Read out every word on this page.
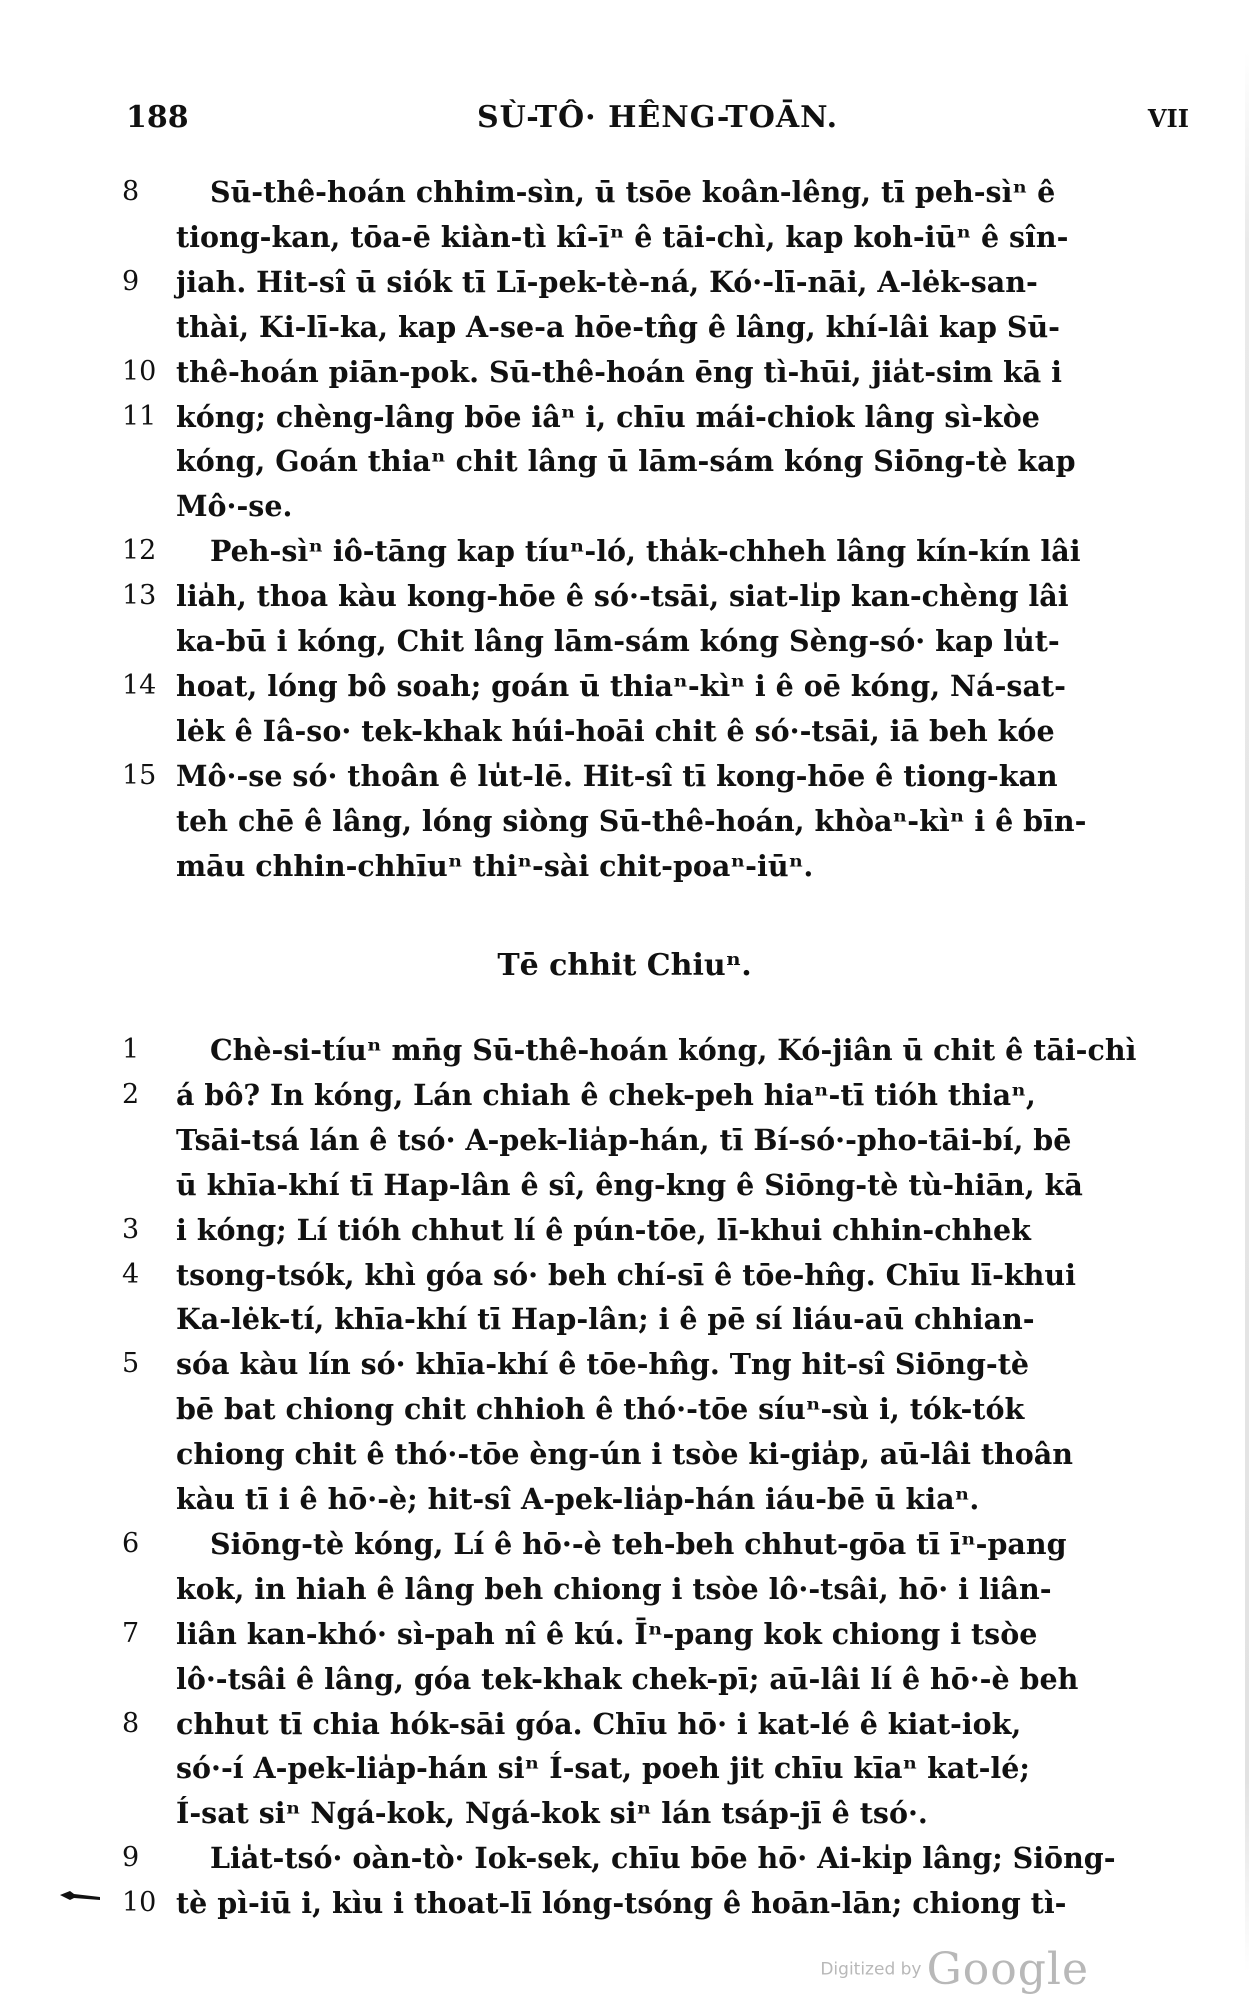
188	SÙ-TÔ· HÊNG-TOĀN.	VII
Sū-thê-hoán chhim-sìn, ū tsōe koân-lêng, tī peh-sìⁿ ê
tiong-kan, tōa-ē kiàn-tì kî-īⁿ ê tāi-chì, kap koh-iūⁿ ê sîn-
jiah. Hit-sî ū siók tī Lī-pek-tè-ná, Kó·-lī-nāi, A-lėk-san-
thài, Ki-lī-ka, kap A-se-a hōe-tn̂g ê lâng, khí-lâi kap Sū-
thê-hoán piān-pok. Sū-thê-hoán ēng tì-hūi, jia̍t-sim kā i
kóng; chèng-lâng bōe iâⁿ i, chīu mái-chiok lâng sì-kòe
kóng, Goán thiaⁿ chit lâng ū lām-sám kóng Siōng-tè kap
Mô·-se.
Peh-sìⁿ iô-tāng kap tíuⁿ-ló, tha̍k-chheh lâng kín-kín lâi
lia̍h, thoa kàu kong-hōe ê só·-tsāi, siat-li̍p kan-chèng lâi
ka-bū i kóng, Chit lâng lām-sám kóng Sèng-só· kap lu̍t-
hoat, lóng bô soah; goán ū thiaⁿ-kìⁿ i ê oē kóng, Ná-sat-
lėk ê Iâ-so· tek-khak húi-hoāi chit ê só·-tsāi, iā beh kóe
Mô·-se só· thoân ê lu̍t-lē. Hit-sî tī kong-hōe ê tiong-kan
teh chē ê lâng, lóng siòng Sū-thê-hoán, khòaⁿ-kìⁿ i ê bīn-
māu chhin-chhīuⁿ thiⁿ-sài chit-poaⁿ-iūⁿ.
8
9
10
11
12
13
14
15
Tē chhit Chiuⁿ.
Chè-si-tíuⁿ mn̄g Sū-thê-hoán kóng, Kó-jiân ū chit ê tāi-chì
á bô? In kóng, Lán chiah ê chek-peh hiaⁿ-tī tióh thiaⁿ,
Tsāi-tsá lán ê tsó· A-pek-lia̍p-hán, tī Bí-só·-pho-tāi-bí, bē
ū khīa-khí tī Hap-lân ê sî, êng-kng ê Siōng-tè tù-hiān, kā
i kóng; Lí tióh chhut lí ê pún-tōe, lī-khui chhin-chhek
tsong-tsók, khì góa só· beh chí-sī ê tōe-hn̂g. Chīu lī-khui
Ka-lėk-tí, khīa-khí tī Hap-lân; i ê pē sí liáu-aū chhian-
sóa kàu lín só· khīa-khí ê tōe-hn̂g. Tng hit-sî Siōng-tè
bē bat chiong chit chhioh ê thó·-tōe síuⁿ-sù i, tók-tók
chiong chit ê thó·-tōe èng-ún i tsòe ki-gia̍p, aū-lâi thoân
kàu tī i ê hō·-è; hit-sî A-pek-lia̍p-hán iáu-bē ū kiaⁿ.
Siōng-tè kóng, Lí ê hō·-è teh-beh chhut-gōa tī īⁿ-pang
kok, in hiah ê lâng beh chiong i tsòe lô·-tsâi, hō· i liân-
liân kan-khó· sì-pah nî ê kú. Īⁿ-pang kok chiong i tsòe
lô·-tsâi ê lâng, góa tek-khak chek-pī; aū-lâi lí ê hō·-è beh
chhut tī chia hók-sāi góa. Chīu hō· i kat-lé ê kiat-iok,
só·-í A-pek-lia̍p-hán siⁿ Í-sat, poeh jit chīu kīaⁿ kat-lé;
Í-sat siⁿ Ngá-kok, Ngá-kok siⁿ lán tsáp-jī ê tsó·.
Lia̍t-tsó· oàn-tò· Iok-sek, chīu bōe hō· Ai-ki̍p lâng; Siōng-
tè pì-iū i, kìu i thoat-lī lóng-tsóng ê hoān-lān; chiong tì-
1
2
3
4
5
6
7
8
9
10
Digitized by Google
